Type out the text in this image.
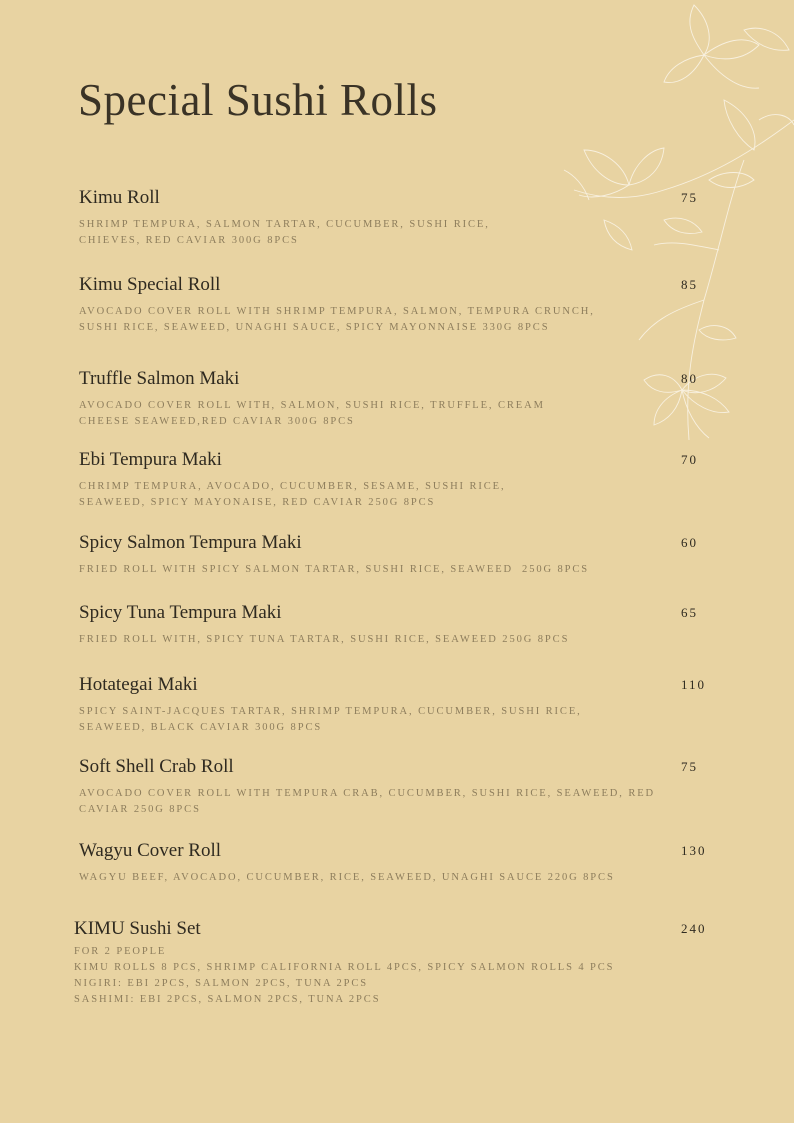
Special Sushi Rolls
Kimu Roll	75
SHRIMP TEMPURA, SALMON TARTAR, CUCUMBER, SUSHI RICE, CHIEVES, RED CAVIAR 300G 8PCS
Kimu Special Roll	85
AVOCADO COVER ROLL WITH SHRIMP TEMPURA, SALMON, TEMPURA CRUNCH, SUSHI RICE, SEAWEED, UNAGHI SAUCE, SPICY MAYONNAISE 330G 8PCS
Truffle Salmon Maki	80
AVOCADO COVER ROLL WITH, SALMON, SUSHI RICE, TRUFFLE, CREAM CHEESE SEAWEED,RED CAVIAR 300G 8PCS
Ebi Tempura Maki	70
CHRIMP TEMPURA, AVOCADO, CUCUMBER, SESAME, SUSHI RICE, SEAWEED, SPICY MAYONAISE, RED CAVIAR 250G 8PCS
Spicy Salmon Tempura Maki	60
FRIED ROLL WITH SPICY SALMON TARTAR, SUSHI RICE, SEAWEED  250G 8PCS
Spicy Tuna Tempura Maki	65
FRIED ROLL WITH, SPICY TUNA TARTAR, SUSHI RICE, SEAWEED 250G 8PCS
Hotategai Maki	110
SPICY SAINT-JACQUES TARTAR, SHRIMP TEMPURA, CUCUMBER, SUSHI RICE, SEAWEED, BLACK CAVIAR 300G 8PCS
Soft Shell Crab Roll	75
AVOCADO COVER ROLL WITH TEMPURA CRAB, CUCUMBER, SUSHI RICE, SEAWEED, RED CAVIAR 250G 8PCS
Wagyu Cover Roll	130
WAGYU BEEF, AVOCADO, CUCUMBER, RICE, SEAWEED, UNAGHI SAUCE 220G 8PCS
KIMU Sushi Set	240
FOR 2 PEOPLE
KIMU ROLLS 8 PCS, SHRIMP CALIFORNIA ROLL 4PCS, SPICY SALMON ROLLS 4 PCS
NIGIRI: EBI 2PCS, SALMON 2PCS, TUNA 2PCS
SASHIMI: EBI 2PCS, SALMON 2PCS, TUNA 2PCS
